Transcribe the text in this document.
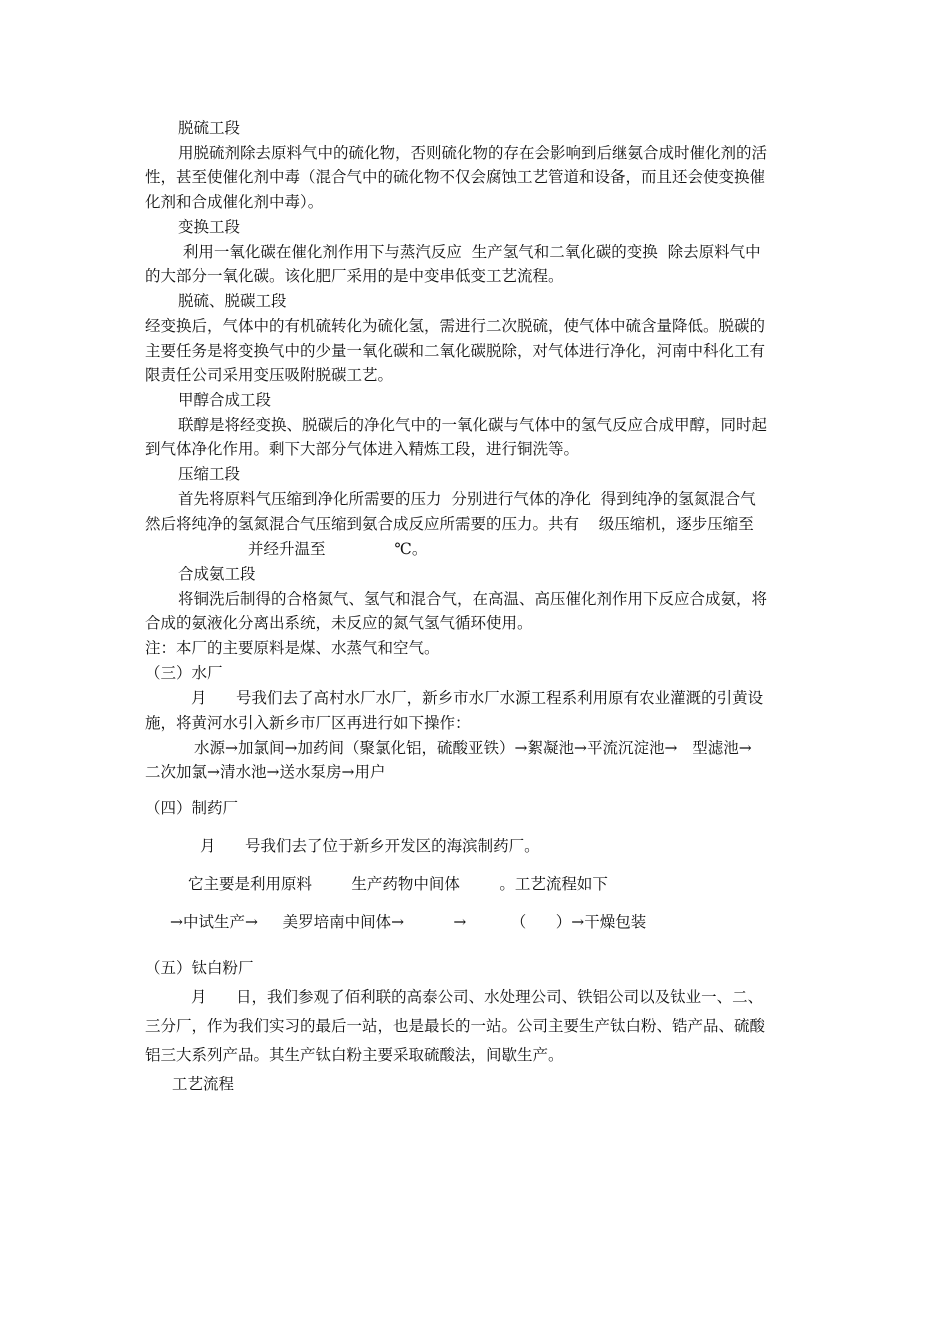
脱硫工段
用脱硫剂除去原料气中的硫化物，否则硫化物的存在会影响到后继氨合成时催化剂的活
性，甚至使催化剂中毒（混合气中的硫化物不仅会腐蚀工艺管道和设备，而且还会使变换催
化剂和合成催化剂中毒）。
变换工段
利用一氧化碳在催化剂作用下与蒸汽反应  生产氢气和二氧化碳的变换  除去原料气中
的大部分一氧化碳。该化肥厂采用的是中变串低变工艺流程。
脱硫、脱碳工段
经变换后，气体中的有机硫转化为硫化氢，需进行二次脱硫，使气体中硫含量降低。脱碳的
主要任务是将变换气中的少量一氧化碳和二氧化碳脱除，对气体进行净化，河南中科化工有
限责任公司采用变压吸附脱碳工艺。
甲醇合成工段
联醇是将经变换、脱碳后的净化气中的一氧化碳与气体中的氢气反应合成甲醇，同时起
到气体净化作用。剩下大部分气体进入精炼工段，进行铜洗等。
压缩工段
首先将原料气压缩到净化所需要的压力  分别进行气体的净化  得到纯净的氢氮混合气
然后将纯净的氢氮混合气压缩到氨合成反应所需要的压力。共有    级压缩机，逐步压缩至
并经升温至              ℃。
合成氨工段
将铜洗后制得的合格氮气、氢气和混合气，在高温、高压催化剂作用下反应合成氨，将
合成的氨液化分离出系统，未反应的氮气氢气循环使用。
注：本厂的主要原料是煤、水蒸气和空气。
（三）水厂
月      号我们去了高村水厂水厂，新乡市水厂水源工程系利用原有农业灌溉的引黄设
施，将黄河水引入新乡市厂区再进行如下操作：
水源→加氯间→加药间（聚氯化铝，硫酸亚铁）→絮凝池→平流沉淀池→   型滤池→
二次加氯→清水池→送水泵房→用户
（四）制药厂
月      号我们去了位于新乡开发区的海滨制药厂。
它主要是利用原料        生产药物中间体        。工艺流程如下
→中试生产→     美罗培南中间体→          →         （      ）→干燥包装
（五）钛白粉厂
月      日，我们参观了佰利联的高泰公司、水处理公司、铁铝公司以及钛业一、二、
三分厂，作为我们实习的最后一站，也是最长的一站。公司主要生产钛白粉、锆产品、硫酸
铝三大系列产品。其生产钛白粉主要采取硫酸法，间歇生产。
工艺流程
